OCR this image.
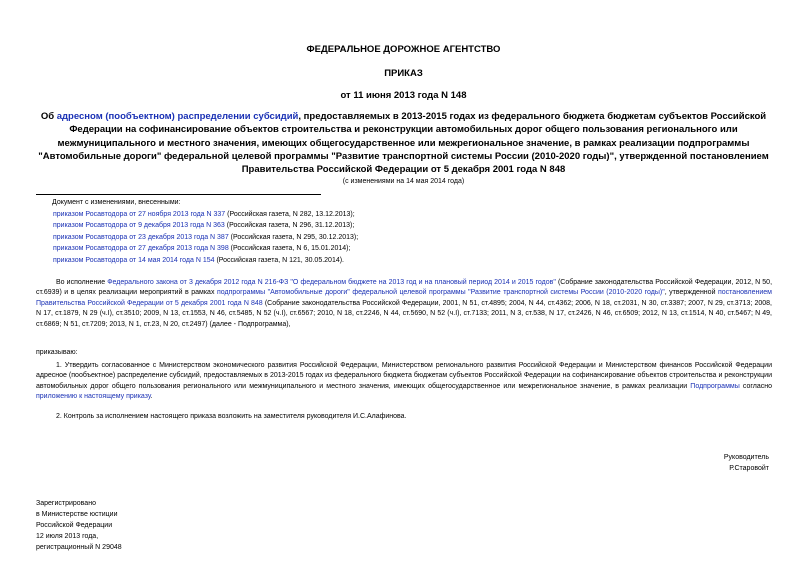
ФЕДЕРАЛЬНОЕ ДОРОЖНОЕ АГЕНТСТВО
ПРИКАЗ
от 11 июня 2013 года N 148
Об адресном (пообъектном) распределении субсидий, предоставляемых в 2013-2015 годах из федерального бюджета бюджетам субъектов Российской Федерации на софинансирование объектов строительства и реконструкции автомобильных дорог общего пользования регионального или межмуниципального и местного значения, имеющих общегосударственное или межрегиональное значение, в рамках реализации подпрограммы "Автомобильные дороги" федеральной целевой программы "Развитие транспортной системы России (2010-2020 годы)", утвержденной постановлением Правительства Российской Федерации от 5 декабря 2001 года N 848
(с изменениями на 14 мая 2014 года)
Документ с изменениями, внесенными:
приказом Росавтодора от 27 ноября 2013 года N 337 (Российская газета, N 282, 13.12.2013);
приказом Росавтодора от 9 декабря 2013 года N 363 (Российская газета, N 296, 31.12.2013);
приказом Росавтодора от 23 декабря 2013 года N 387 (Российская газета, N 295, 30.12.2013);
приказом Росавтодора от 27 декабря 2013 года N 398 (Российская газета, N 6, 15.01.2014);
приказом Росавтодора от 14 мая 2014 года N 154 (Российская газета, N 121, 30.05.2014).
Во исполнение Федерального закона от 3 декабря 2012 года N 216-ФЗ "О федеральном бюджете на 2013 год и на плановый период 2014 и 2015 годов" (Собрание законодательства Российской Федерации, 2012, N 50, ст.6939) и в целях реализации мероприятий в рамках подпрограммы "Автомобильные дороги" федеральной целевой программы "Развитие транспортной системы России (2010-2020 годы)", утвержденной постановлением Правительства Российской Федерации от 5 декабря 2001 года N 848 (Собрание законодательства Российской Федерации, 2001, N 51, ст.4895; 2004, N 44, ст.4362; 2006, N 18, ст.2031, N 30, ст.3387; 2007, N 29, ст.3713; 2008, N 17, ст.1879, N 29 (ч.I), ст.3510; 2009, N 13, ст.1553, N 46, ст.5485, N 52 (ч.I), ст.6567; 2010, N 18, ст.2246, N 44, ст.5690, N 52 (ч.I), ст.7133; 2011, N 3, ст.538, N 17, ст.2426, N 46, ст.6509; 2012, N 13, ст.1514, N 40, ст.5467; N 49, ст.6869; N 51, ст.7209; 2013, N 1, ст.23, N 20, ст.2497) (далее - Подпрограмма),
приказываю:
1. Утвердить согласованное с Министерством экономического развития Российской Федерации, Министерством регионального развития Российской Федерации и Министерством финансов Российской Федерации адресное (пообъектное) распределение субсидий, предоставляемых в 2013-2015 годах из федерального бюджета бюджетам субъектов Российской Федерации на софинансирование объектов строительства и реконструкции автомобильных дорог общего пользования регионального или межмуниципального и местного значения, имеющих общегосударственное или межрегиональное значение, в рамках реализации Подпрограммы согласно приложению к настоящему приказу.
2. Контроль за исполнением настоящего приказа возложить на заместителя руководителя И.С.Алафинова.
Руководитель
Р.Старовойт
Зарегистрировано
в Министерстве юстиции
Российской Федерации
12 июля 2013 года,
регистрационный N 29048
